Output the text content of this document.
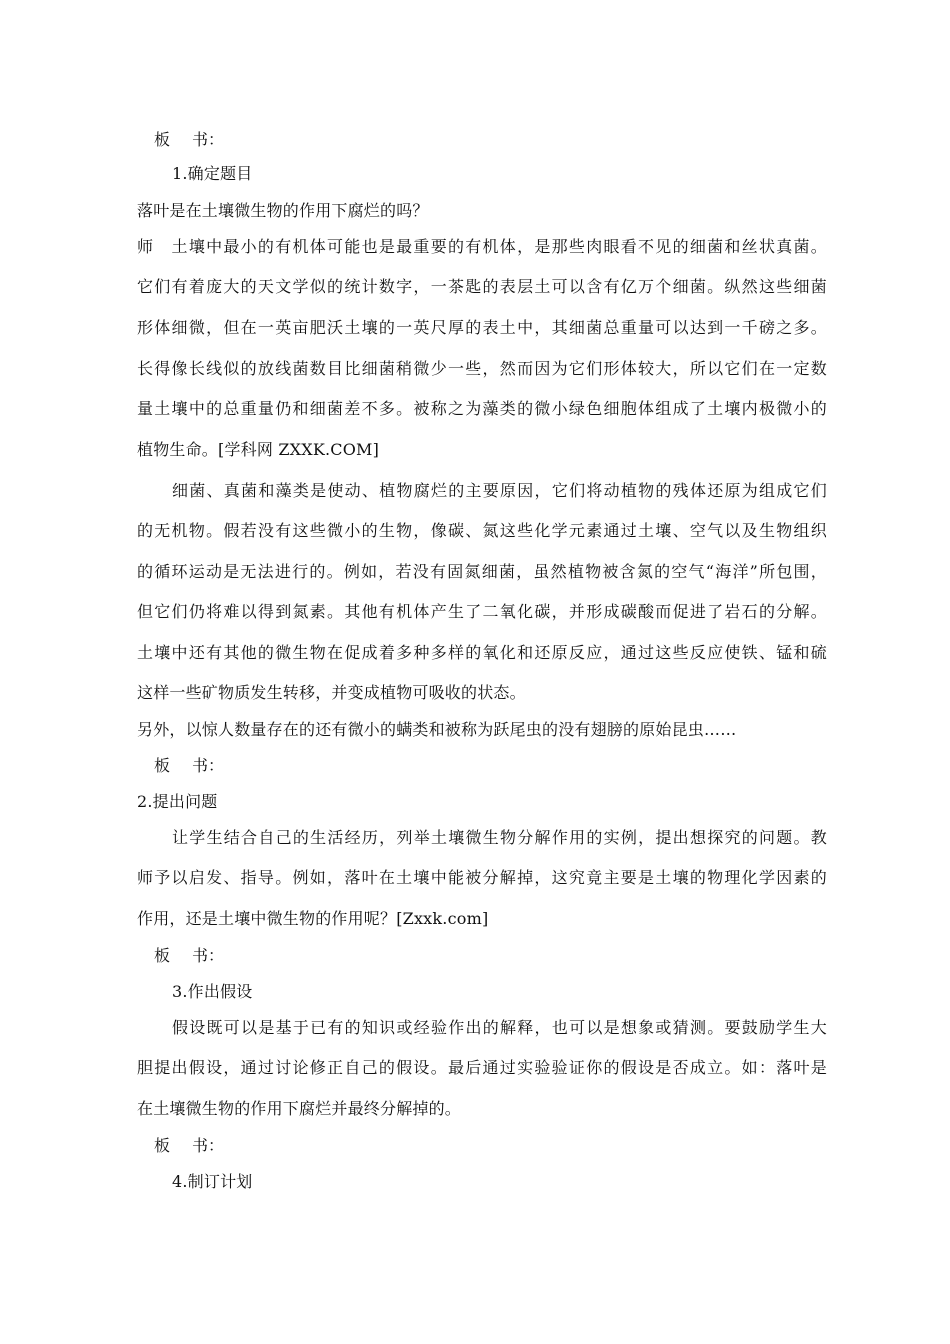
板 书：
1.确定题目
落叶是在土壤微生物的作用下腐烂的吗？
师　土壤中最小的有机体可能也是最重要的有机体，是那些肉眼看不见的细菌和丝状真菌。
它们有着庞大的天文学似的统计数字，一茶匙的表层土可以含有亿万个细菌。纵然这些细菌
形体细微，但在一英亩肥沃土壤的一英尺厚的表土中，其细菌总重量可以达到一千磅之多。
长得像长线似的放线菌数目比细菌稍微少一些，然而因为它们形体较大，所以它们在一定数
量土壤中的总重量仍和细菌差不多。被称之为藻类的微小绿色细胞体组成了土壤内极微小的
植物生命。[学科网 ZXXK.COM]
细菌、真菌和藻类是使动、植物腐烂的主要原因，它们将动植物的残体还原为组成它们
的无机物。假若没有这些微小的生物，像碳、氮这些化学元素通过土壤、空气以及生物组织
的循环运动是无法进行的。例如，若没有固氮细菌，虽然植物被含氮的空气“海洋”所包围，
但它们仍将难以得到氮素。其他有机体产生了二氧化碳，并形成碳酸而促进了岩石的分解。
土壤中还有其他的微生物在促成着多种多样的氧化和还原反应，通过这些反应使铁、锰和硫
这样一些矿物质发生转移，并变成植物可吸收的状态。
另外，以惊人数量存在的还有微小的螨类和被称为跃尾虫的没有翅膀的原始昆虫……
板 书：
2.提出问题
让学生结合自己的生活经历，列举土壤微生物分解作用的实例，提出想探究的问题。教
师予以启发、指导。例如，落叶在土壤中能被分解掉，这究竟主要是土壤的物理化学因素的
作用，还是土壤中微生物的作用呢？[Zxxk.com]
板 书：
3.作出假设
假设既可以是基于已有的知识或经验作出的解释，也可以是想象或猜测。要鼓励学生大
胆提出假设，通过讨论修正自己的假设。最后通过实验验证你的假设是否成立。如：落叶是
在土壤微生物的作用下腐烂并最终分解掉的。
板 书：
4.制订计划
